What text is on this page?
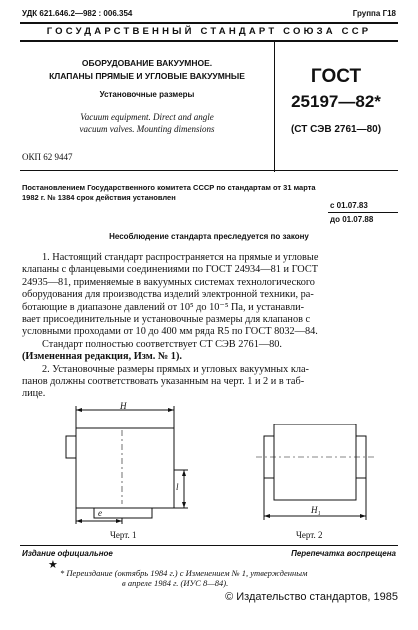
УДК 621.646.2—982 : 006.354	Группа Г18
ГОСУДАРСТВЕННЫЙ СТАНДАРТ СОЮЗА ССР
ОБОРУДОВАНИЕ ВАКУУМНОЕ.
КЛАПАНЫ ПРЯМЫЕ И УГЛОВЫЕ ВАКУУМНЫЕ
Установочные размеры
Vacuum equipment. Direct and angle
vacuum valves. Mounting dimensions
ГОСТ
25197—82*
(СТ СЭВ 2761—80)
ОКП 62 9447
Постановлением Государственного комитета СССР по стандартам от 31 марта
1982 г. № 1384 срок действия установлен
с 01.07.83
до 01.07.88
Несоблюдение стандарта преследуется по закону

1. Настоящий стандарт распространяется на прямые и угловые

клапаны с фланцевыми соединениями по ГОСТ 24934—81 и ГОСТ

24935—81, применяемые в вакуумных системах технологического

оборудования для производства изделий электронной техники, ра-

ботающие в диапазоне давлений от 10⁵ до 10⁻⁵ Па, и устанавли-

вает присоединительные и установочные размеры для клапанов с

условными проходами от 10 до 400 мм ряда R5 по ГОСТ 8032—84.

Стандарт полностью соответствует СТ СЭВ 2761—80.

(Измененная редакция, Изм. № 1).

2. Установочные размеры прямых и угловых вакуумных кла-

панов должны соответствовать указанным на черт. 1 и 2 и в таб-

лице.

H
l
e
Черт. 1
H₁
Черт. 2
Издание официальное	Перепечатка воспрещена
★
* Переиздание (октябрь 1984 г.) с Изменением № 1, утвержденным
в апреле 1984 г. (ИУС 8—84).
© Издательство стандартов, 1985
